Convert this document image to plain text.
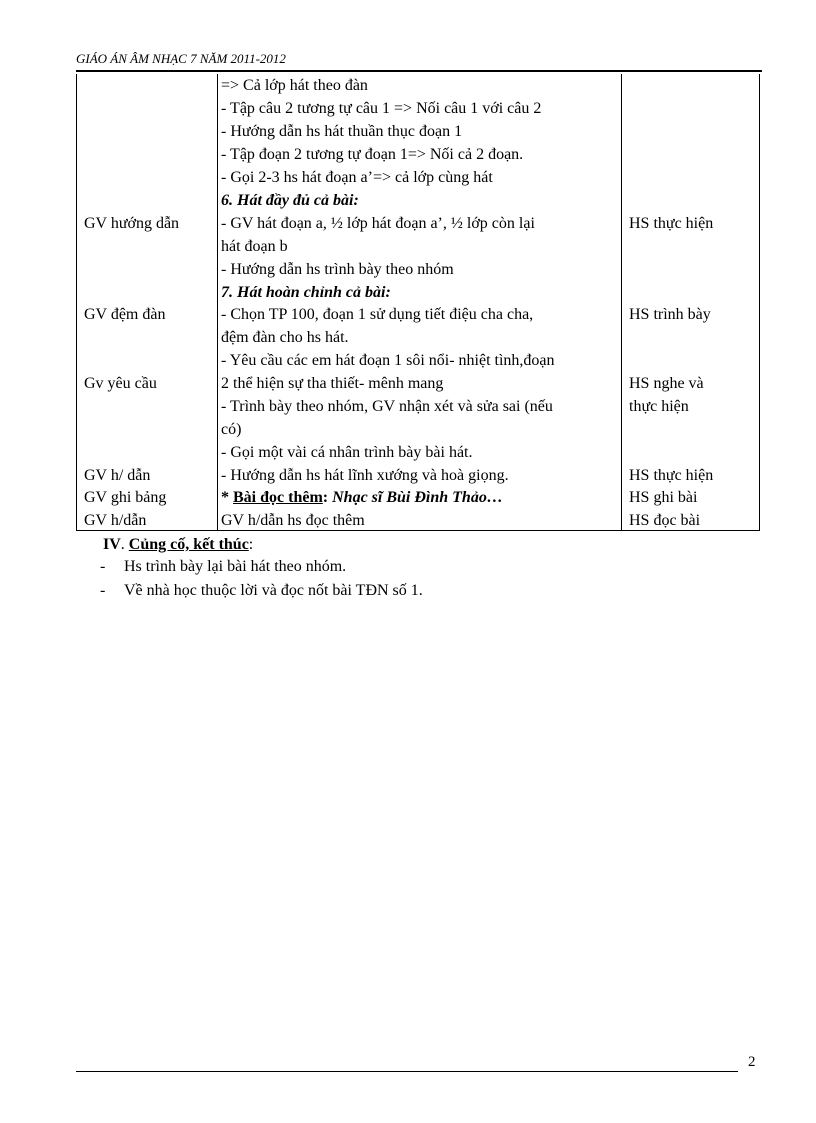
GIÁO ÁN ÂM NHẠC 7 NĂM 2011-2012
GV hướng dẫn
GV đệm đàn
Gv yêu cầu
GV h/ dẫn
GV ghi bảng
GV h/dẫn
=> Cả lớp hát theo đàn
- Tập câu 2 tương tự câu 1 => Nối câu 1 với câu 2
- Hướng dẫn hs hát thuần thục đoạn 1
- Tập đoạn 2 tương tự đoạn 1=> Nối cả 2 đoạn.
- Gọi 2-3 hs hát đoạn a’=> cả lớp cùng hát
6. Hát đầy đủ cả bài:
- GV hát đoạn a, ½ lớp hát đoạn a’, ½ lớp còn lại
hát đoạn b
- Hướng dẫn hs trình bày theo nhóm
7. Hát hoàn chỉnh cả bài:
- Chọn TP 100, đoạn 1 sử dụng tiết điệu cha cha,
đệm đàn cho hs hát.
- Yêu cầu các em hát đoạn 1 sôi nổi- nhiệt tình,đoạn
2 thể hiện sự tha thiết- mênh mang
- Trình bày theo nhóm, GV nhận xét và sửa sai (nếu
có)
- Gọi một vài cá nhân trình bày bài hát.
- Hướng dẫn hs hát lĩnh xướng và hoà giọng.
* Bài đọc thêm: Nhạc sĩ Bùi Đình Thảo…
GV h/dẫn hs đọc thêm
HS thực hiện
HS trình bày
HS nghe và
thực hiện
HS thực hiện
HS ghi bài
HS đọc bài
IV. Củng cố, kết thúc:
- Hs trình bày lại bài hát theo nhóm.
- Về nhà học thuộc lời và đọc nốt bài TĐN số 1.
2
